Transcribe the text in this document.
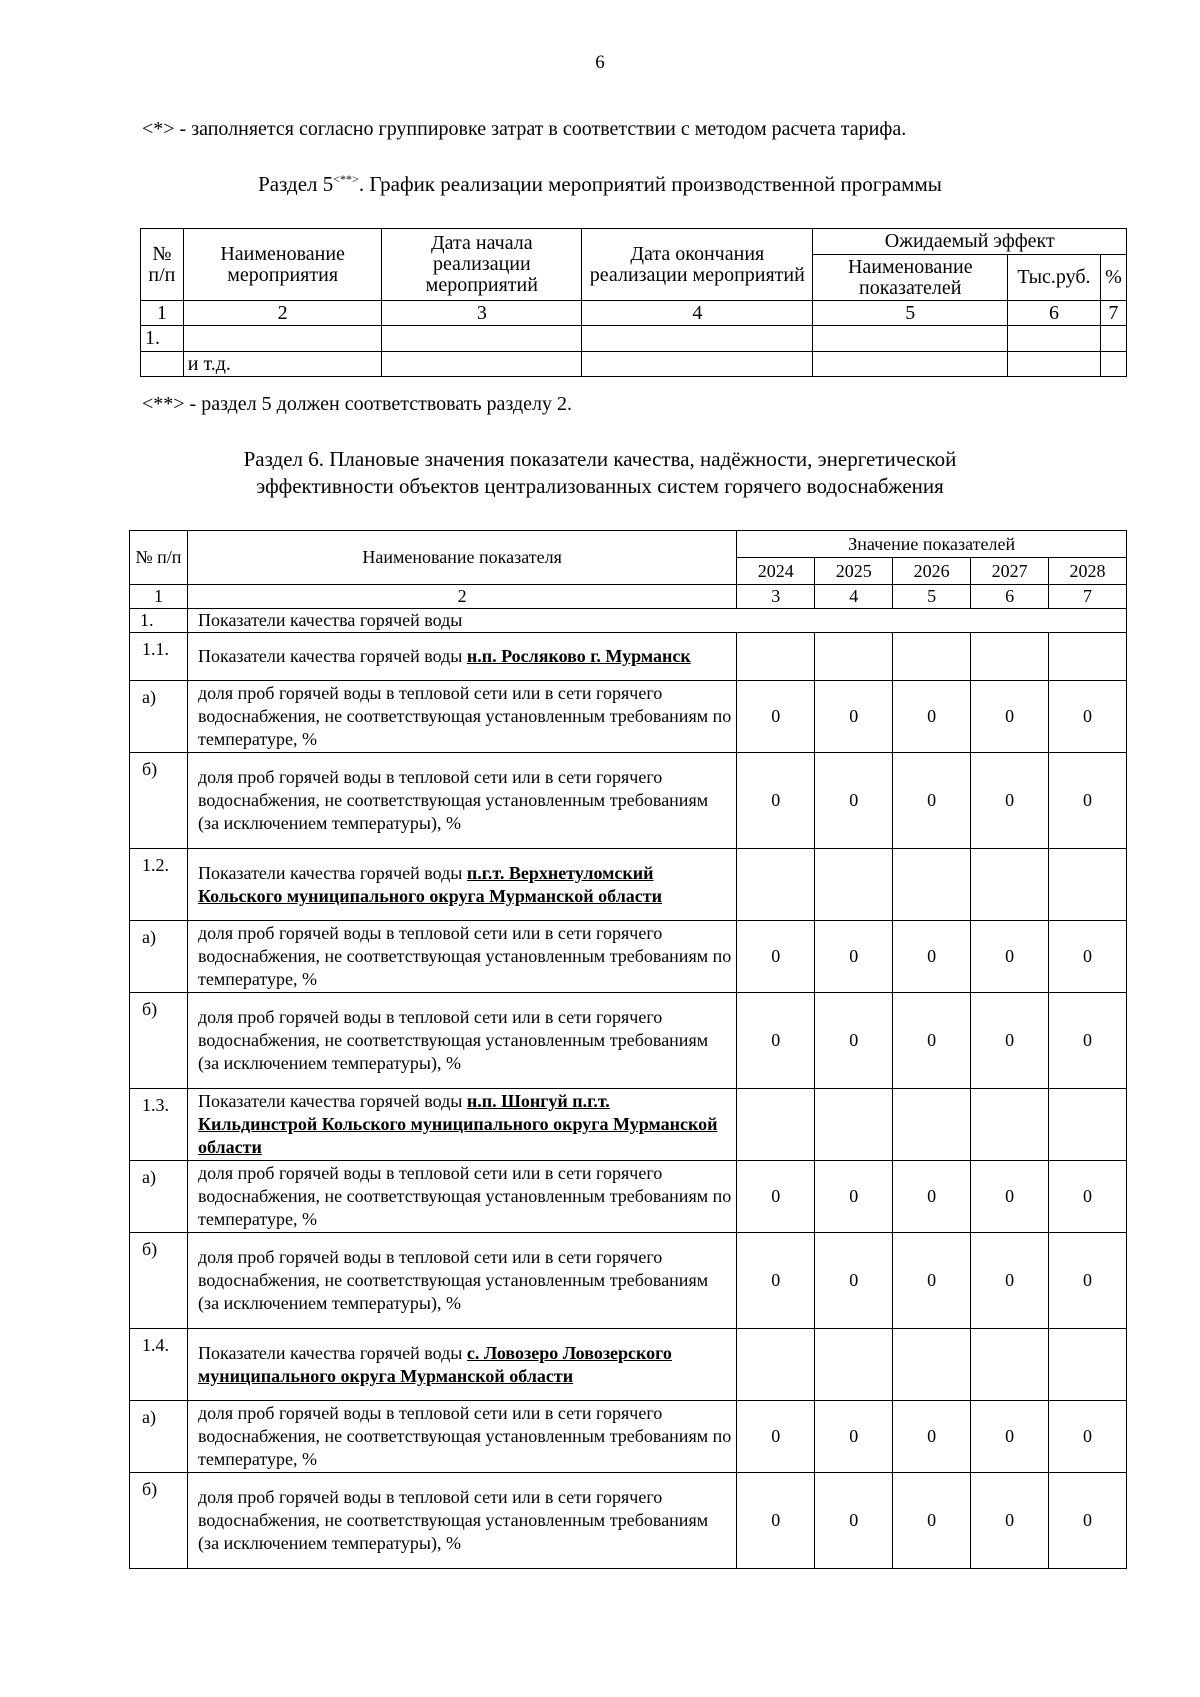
6
<*> - заполняется согласно группировке затрат в соответствии с методом расчета тарифа.
Раздел 5<**>. График реализации мероприятий производственной программы
№ п/п	Наименование мероприятия	Дата начала реализации мероприятий	Дата окончания реализации мероприятий	Ожидаемый эффект		
				Наименование показателей	Тыс.руб.	%
1	2	3	4	5	6	7
1.						
	и т.д.					
<**> - раздел 5 должен соответствовать разделу 2.
Раздел 6. Плановые значения показатели качества, надёжности, энергетической
эффективности объектов централизованных систем горячего водоснабжения
№ п/п	Наименование показателя	Значение показателей				
		2024	2025	2026	2027	2028
1	2	3	4	5	6	7
1.	Показатели качества горячей воды					
1.1.	Показатели качества горячей воды н.п. Росляково г. Мурманск					
а)	доля проб горячей воды в тепловой сети или в сети горячего водоснабжения, не соответствующая установленным требованиям по температуре, %	0	0	0	0	0
б)	доля проб горячей воды в тепловой сети или в сети горячего водоснабжения, не соответствующая установленным требованиям (за исключением температуры), %	0	0	0	0	0
1.2.	Показатели качества горячей воды п.г.т. Верхнетуломский Кольского муниципального округа Мурманской области					
а)	доля проб горячей воды в тепловой сети или в сети горячего водоснабжения, не соответствующая установленным требованиям по температуре, %	0	0	0	0	0
б)	доля проб горячей воды в тепловой сети или в сети горячего водоснабжения, не соответствующая установленным требованиям (за исключением температуры), %	0	0	0	0	0
1.3.	Показатели качества горячей воды н.п. Шонгуй п.г.т. Кильдинстрой Кольского муниципального округа Мурманской области					
а)	доля проб горячей воды в тепловой сети или в сети горячего водоснабжения, не соответствующая установленным требованиям по температуре, %	0	0	0	0	0
б)	доля проб горячей воды в тепловой сети или в сети горячего водоснабжения, не соответствующая установленным требованиям (за исключением температуры), %	0	0	0	0	0
1.4.	Показатели качества горячей воды с. Ловозеро Ловозерского муниципального округа Мурманской области					
а)	доля проб горячей воды в тепловой сети или в сети горячего водоснабжения, не соответствующая установленным требованиям по температуре, %	0	0	0	0	0
б)	доля проб горячей воды в тепловой сети или в сети горячего водоснабжения, не соответствующая установленным требованиям (за исключением температуры), %	0	0	0	0	0
